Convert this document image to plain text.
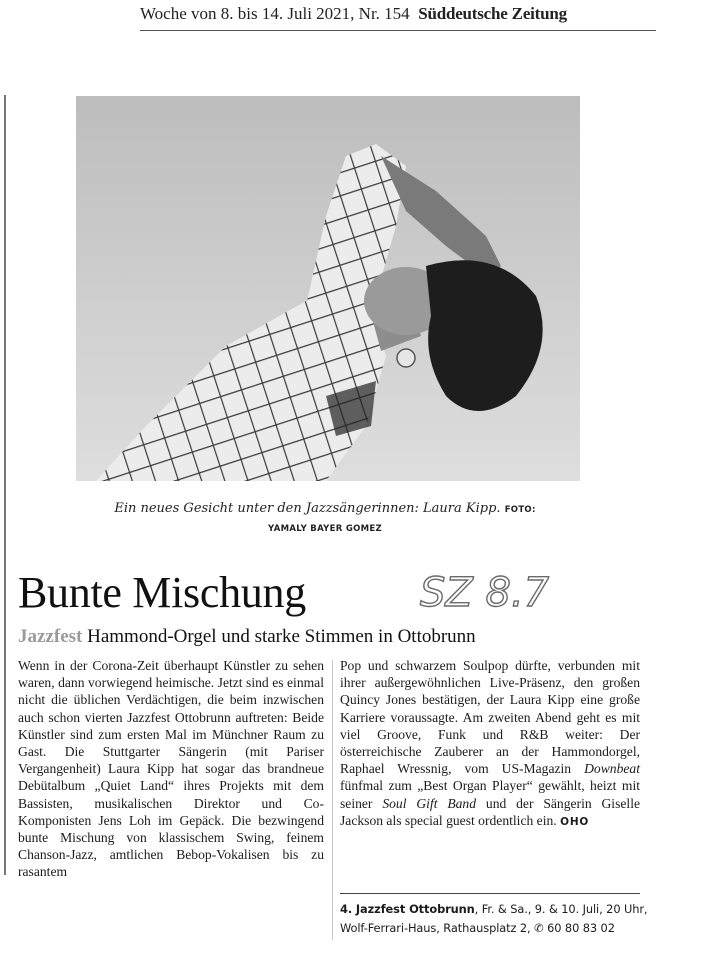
Woche von 8. bis 14. Juli 2021, Nr. 154 Süddeutsche Zeitung
Ein neues Gesicht unter den Jazzsängerinnen: Laura Kipp. FOTO: YAMALY BAYER GOMEZ
Bunte Mischung	SZ 8.7
Jazzfest Hammond-Orgel und starke Stimmen in Ottobrunn

Wenn in der Corona-Zeit überhaupt Künstler zu sehen waren, dann vorwiegend heimische. Jetzt sind es einmal nicht die üblichen Verdächtigen, die beim inzwischen auch schon vierten Jazzfest Ottobrunn auftreten: Beide Künstler sind zum ersten Mal im Münchner Raum zu Gast. Die Stuttgarter Sängerin (mit Pariser Vergangenheit) Laura Kipp hat sogar das brandneue Debütalbum „Quiet Land“ ihres Projekts mit dem Bassisten, musikalischen Direktor und Co-Komponisten Jens Loh im Gepäck. Die bezwingend bunte Mischung von klassischem Swing, feinem Chanson-Jazz, amtlichen Bebop-Vokalisen bis zu rasantem

Pop und schwarzem Soulpop dürfte, verbunden mit ihrer außergewöhnlichen Live-Präsenz, den großen Quincy Jones bestätigen, der Laura Kipp eine große Karriere voraussagte. Am zweiten Abend geht es mit viel Groove, Funk und R&B weiter: Der österreichische Zauberer an der Hammondorgel, Raphael Wressnig, vom US-Magazin Downbeat fünfmal zum „Best Organ Player“ gewählt, heizt mit seiner Soul Gift Band und der Sängerin Giselle Jackson als special guest ordentlich ein. OHO

4. Jazzfest Ottobrunn, Fr. & Sa., 9. & 10. Juli, 20 Uhr,
Wolf-Ferrari-Haus, Rathausplatz 2, ✆ 60 80 83 02
